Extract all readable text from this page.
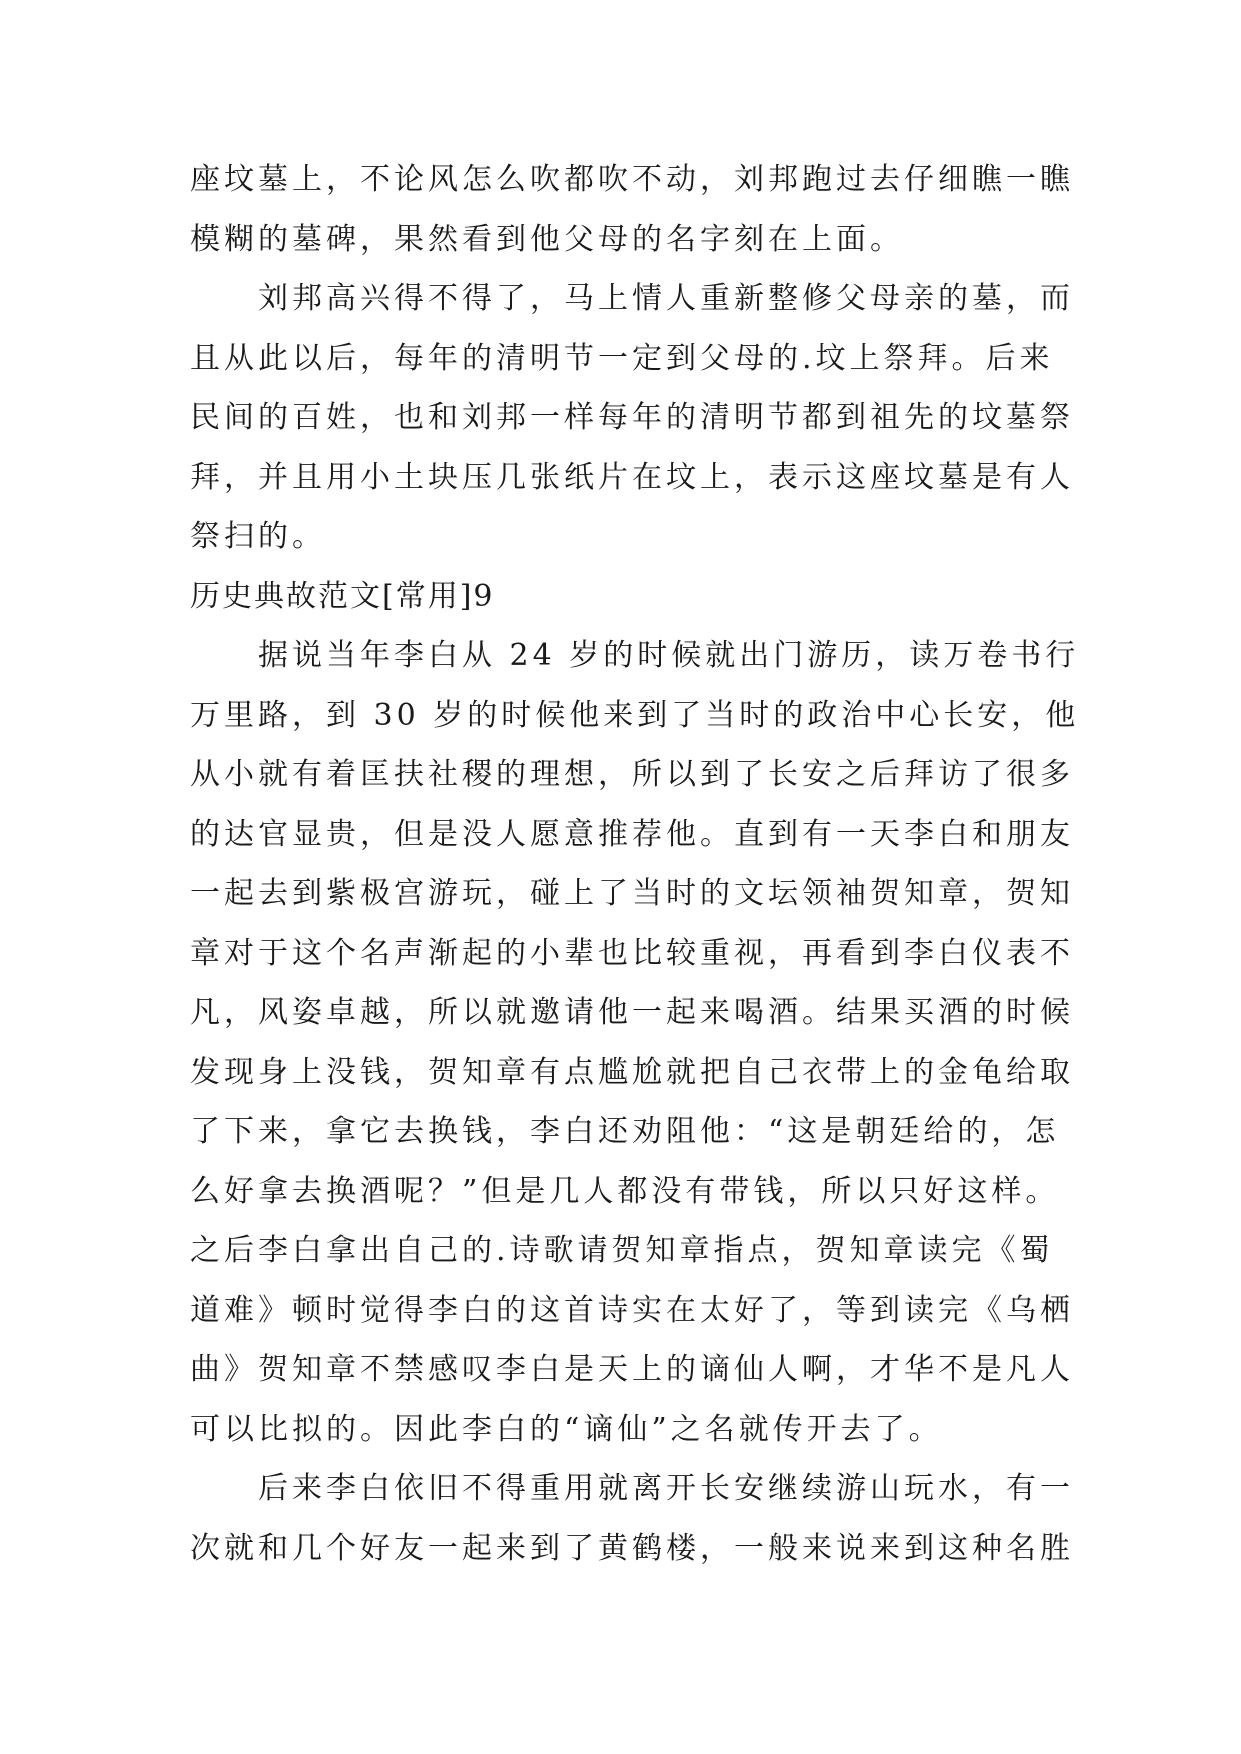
座坟墓上，不论风怎么吹都吹不动，刘邦跑过去仔细瞧一瞧
模糊的墓碑，果然看到他父母的名字刻在上面。
　　刘邦高兴得不得了，马上情人重新整修父母亲的墓，而
且从此以后，每年的清明节一定到父母的.坟上祭拜。后来
民间的百姓，也和刘邦一样每年的清明节都到祖先的坟墓祭
拜，并且用小土块压几张纸片在坟上，表示这座坟墓是有人
祭扫的。
历史典故范文[常用]9
　　据说当年李白从 24 岁的时候就出门游历，读万卷书行
万里路，到 30 岁的时候他来到了当时的政治中心长安，他
从小就有着匡扶社稷的理想，所以到了长安之后拜访了很多
的达官显贵，但是没人愿意推荐他。直到有一天李白和朋友
一起去到紫极宫游玩，碰上了当时的文坛领袖贺知章，贺知
章对于这个名声渐起的小辈也比较重视，再看到李白仪表不
凡，风姿卓越，所以就邀请他一起来喝酒。结果买酒的时候
发现身上没钱，贺知章有点尴尬就把自己衣带上的金龟给取
了下来，拿它去换钱，李白还劝阻他：“这是朝廷给的，怎
么好拿去换酒呢？”但是几人都没有带钱，所以只好这样。
之后李白拿出自己的.诗歌请贺知章指点，贺知章读完《蜀
道难》顿时觉得李白的这首诗实在太好了，等到读完《乌栖
曲》贺知章不禁感叹李白是天上的谪仙人啊，才华不是凡人
可以比拟的。因此李白的“谪仙”之名就传开去了。
　　后来李白依旧不得重用就离开长安继续游山玩水，有一
次就和几个好友一起来到了黄鹤楼，一般来说来到这种名胜
